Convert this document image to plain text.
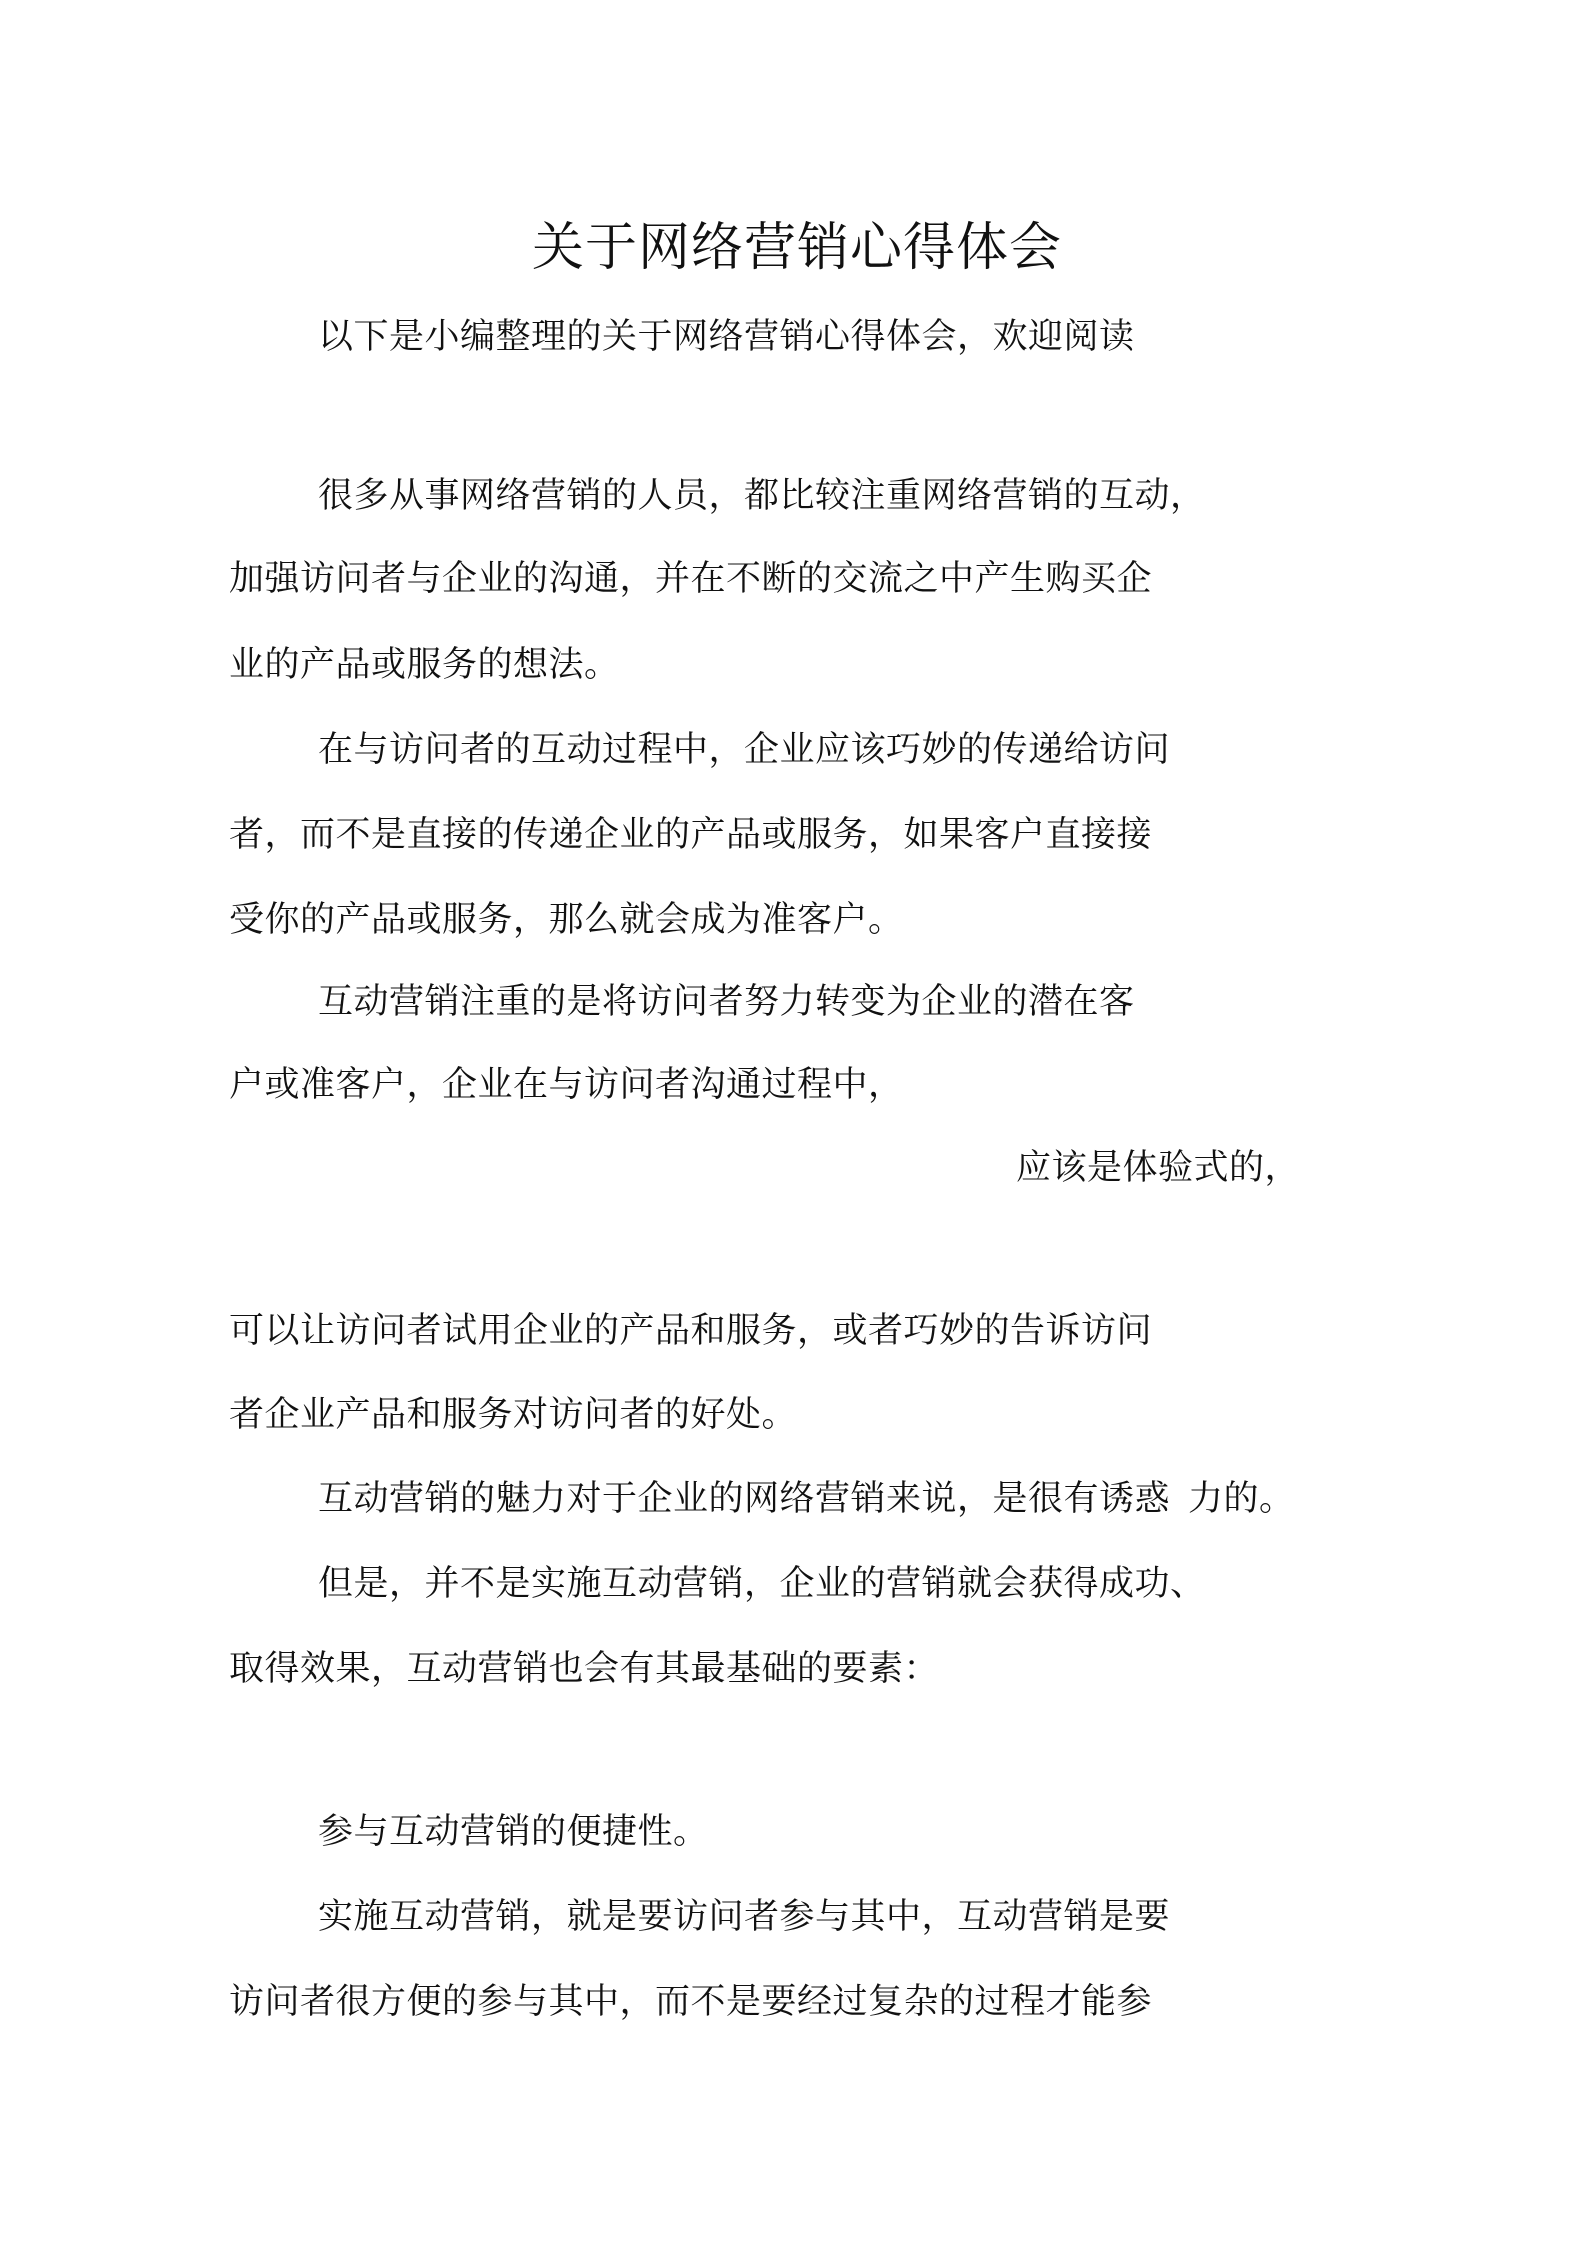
关于网络营销心得体会
以下是小编整理的关于网络营销心得体会，欢迎阅读
很多从事网络营销的人员，都比较注重网络营销的互动，
加强访问者与企业的沟通，并在不断的交流之中产生购买企
业的产品或服务的想法。
在与访问者的互动过程中，企业应该巧妙的传递给访问
者，而不是直接的传递企业的产品或服务，如果客户直接接
受你的产品或服务，那么就会成为准客户。
互动营销注重的是将访问者努力转变为企业的潜在客
户或准客户，企业在与访问者沟通过程中，
应该是体验式的，
可以让访问者试用企业的产品和服务，或者巧妙的告诉访问
者企业产品和服务对访问者的好处。
互动营销的魅力对于企业的网络营销来说，是很有诱惑 力的。
但是，并不是实施互动营销，企业的营销就会获得成功、
取得效果，互动营销也会有其最基础的要素：
参与互动营销的便捷性。
实施互动营销，就是要访问者参与其中，互动营销是要
访问者很方便的参与其中，而不是要经过复杂的过程才能参
